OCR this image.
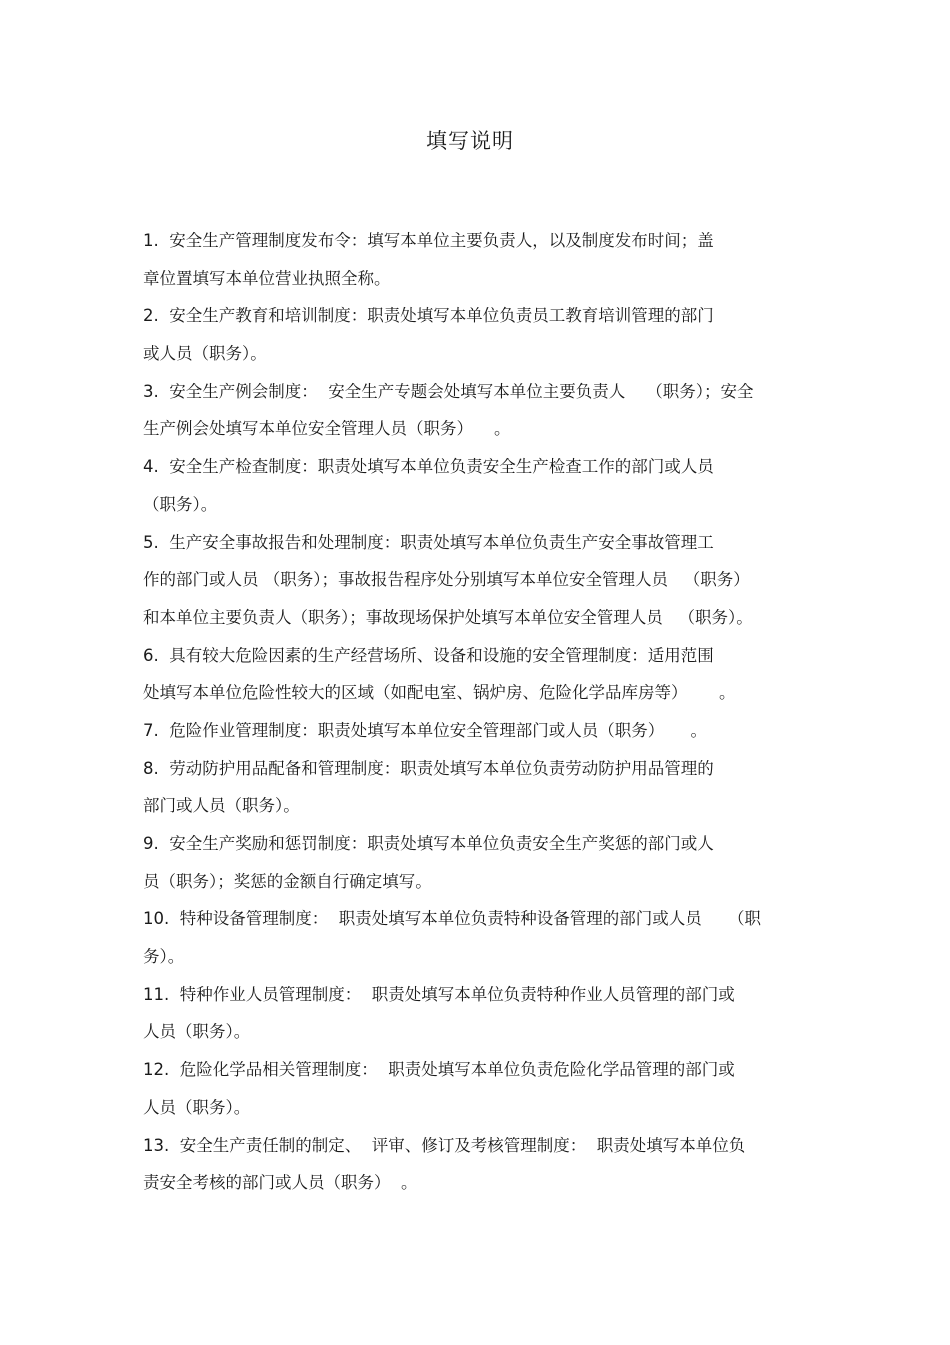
填写说明
1.  安全生产管理制度发布令：填写本单位主要负责人，以及制度发布时间；盖
章位置填写本单位营业执照全称。
2.  安全生产教育和培训制度：职责处填写本单位负责员工教育培训管理的部门
或人员（职务）。
3.  安全生产例会制度：  安全生产专题会处填写本单位主要负责人    （职务）；安全
生产例会处填写本单位安全管理人员（职务）    。
4.  安全生产检查制度：职责处填写本单位负责安全生产检查工作的部门或人员
（职务）。
5.  生产安全事故报告和处理制度：职责处填写本单位负责生产安全事故管理工
作的部门或人员 （职务）；事故报告程序处分别填写本单位安全管理人员   （职务）
和本单位主要负责人（职务）；事故现场保护处填写本单位安全管理人员   （职务）。
6.  具有较大危险因素的生产经营场所、设备和设施的安全管理制度：适用范围
处填写本单位危险性较大的区域（如配电室、锅炉房、危险化学品库房等）      。
7.  危险作业管理制度：职责处填写本单位安全管理部门或人员（职务）     。
8.  劳动防护用品配备和管理制度：职责处填写本单位负责劳动防护用品管理的
部门或人员（职务）。
9.  安全生产奖励和惩罚制度：职责处填写本单位负责安全生产奖惩的部门或人
员（职务）；奖惩的金额自行确定填写。
10.  特种设备管理制度：  职责处填写本单位负责特种设备管理的部门或人员     （职
务）。
11.  特种作业人员管理制度：  职责处填写本单位负责特种作业人员管理的部门或
人员（职务）。
12.  危险化学品相关管理制度：  职责处填写本单位负责危险化学品管理的部门或
人员（职务）。
13.  安全生产责任制的制定、  评审、修订及考核管理制度：  职责处填写本单位负
责安全考核的部门或人员（职务）  。
